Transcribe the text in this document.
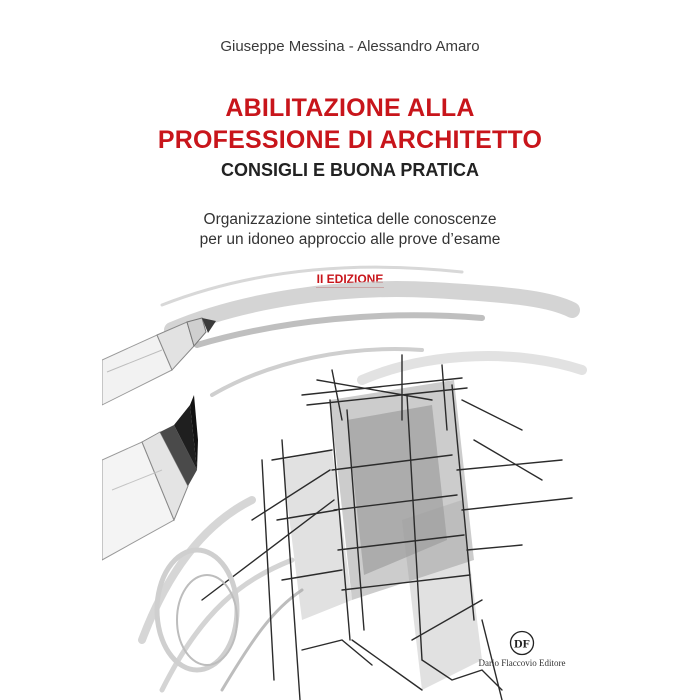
Giuseppe Messina - Alessandro Amaro
ABILITAZIONE ALLA
PROFESSIONE DI ARCHITETTO
CONSIGLI E BUONA PRATICA
Organizzazione sintetica delle conoscenze
per un idoneo approccio alle prove d’esame
II EDIZIONE
DF
Dario Flaccovio Editore
